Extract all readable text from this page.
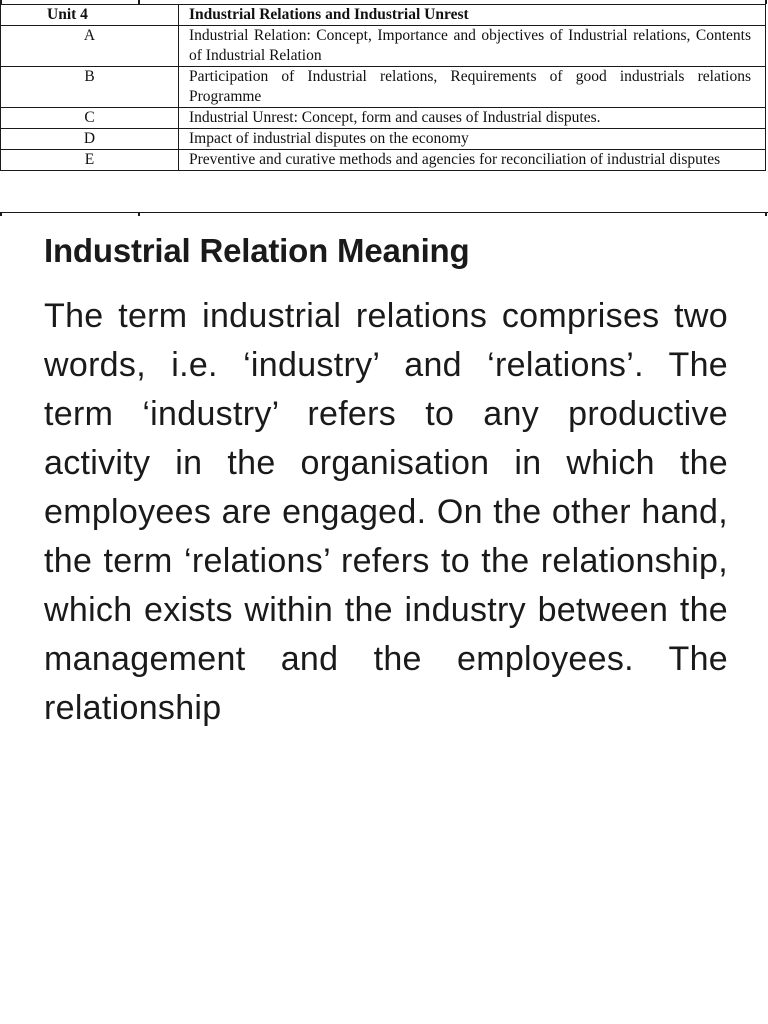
Unit 4	Industrial Relations and Industrial Unrest
A	Industrial Relation: Concept, Importance and objectives of Industrial relations, Contents of Industrial Relation
B	Participation of Industrial relations, Requirements of good industrials relations Programme
C	Industrial Unrest: Concept, form and causes of Industrial disputes.
D	Impact of industrial disputes on the economy
E	Preventive and curative methods and agencies for reconciliation of industrial disputes
Industrial Relation Meaning

The term industrial relations comprises two words, i.e. ‘industry’ and ‘relations’. The term ‘industry’ refers to any productive activity in the organisation in which the employees are engaged. On the other hand, the term ‘relations’ refers to the relationship, which exists within the industry between the management and the employees. The relationship
